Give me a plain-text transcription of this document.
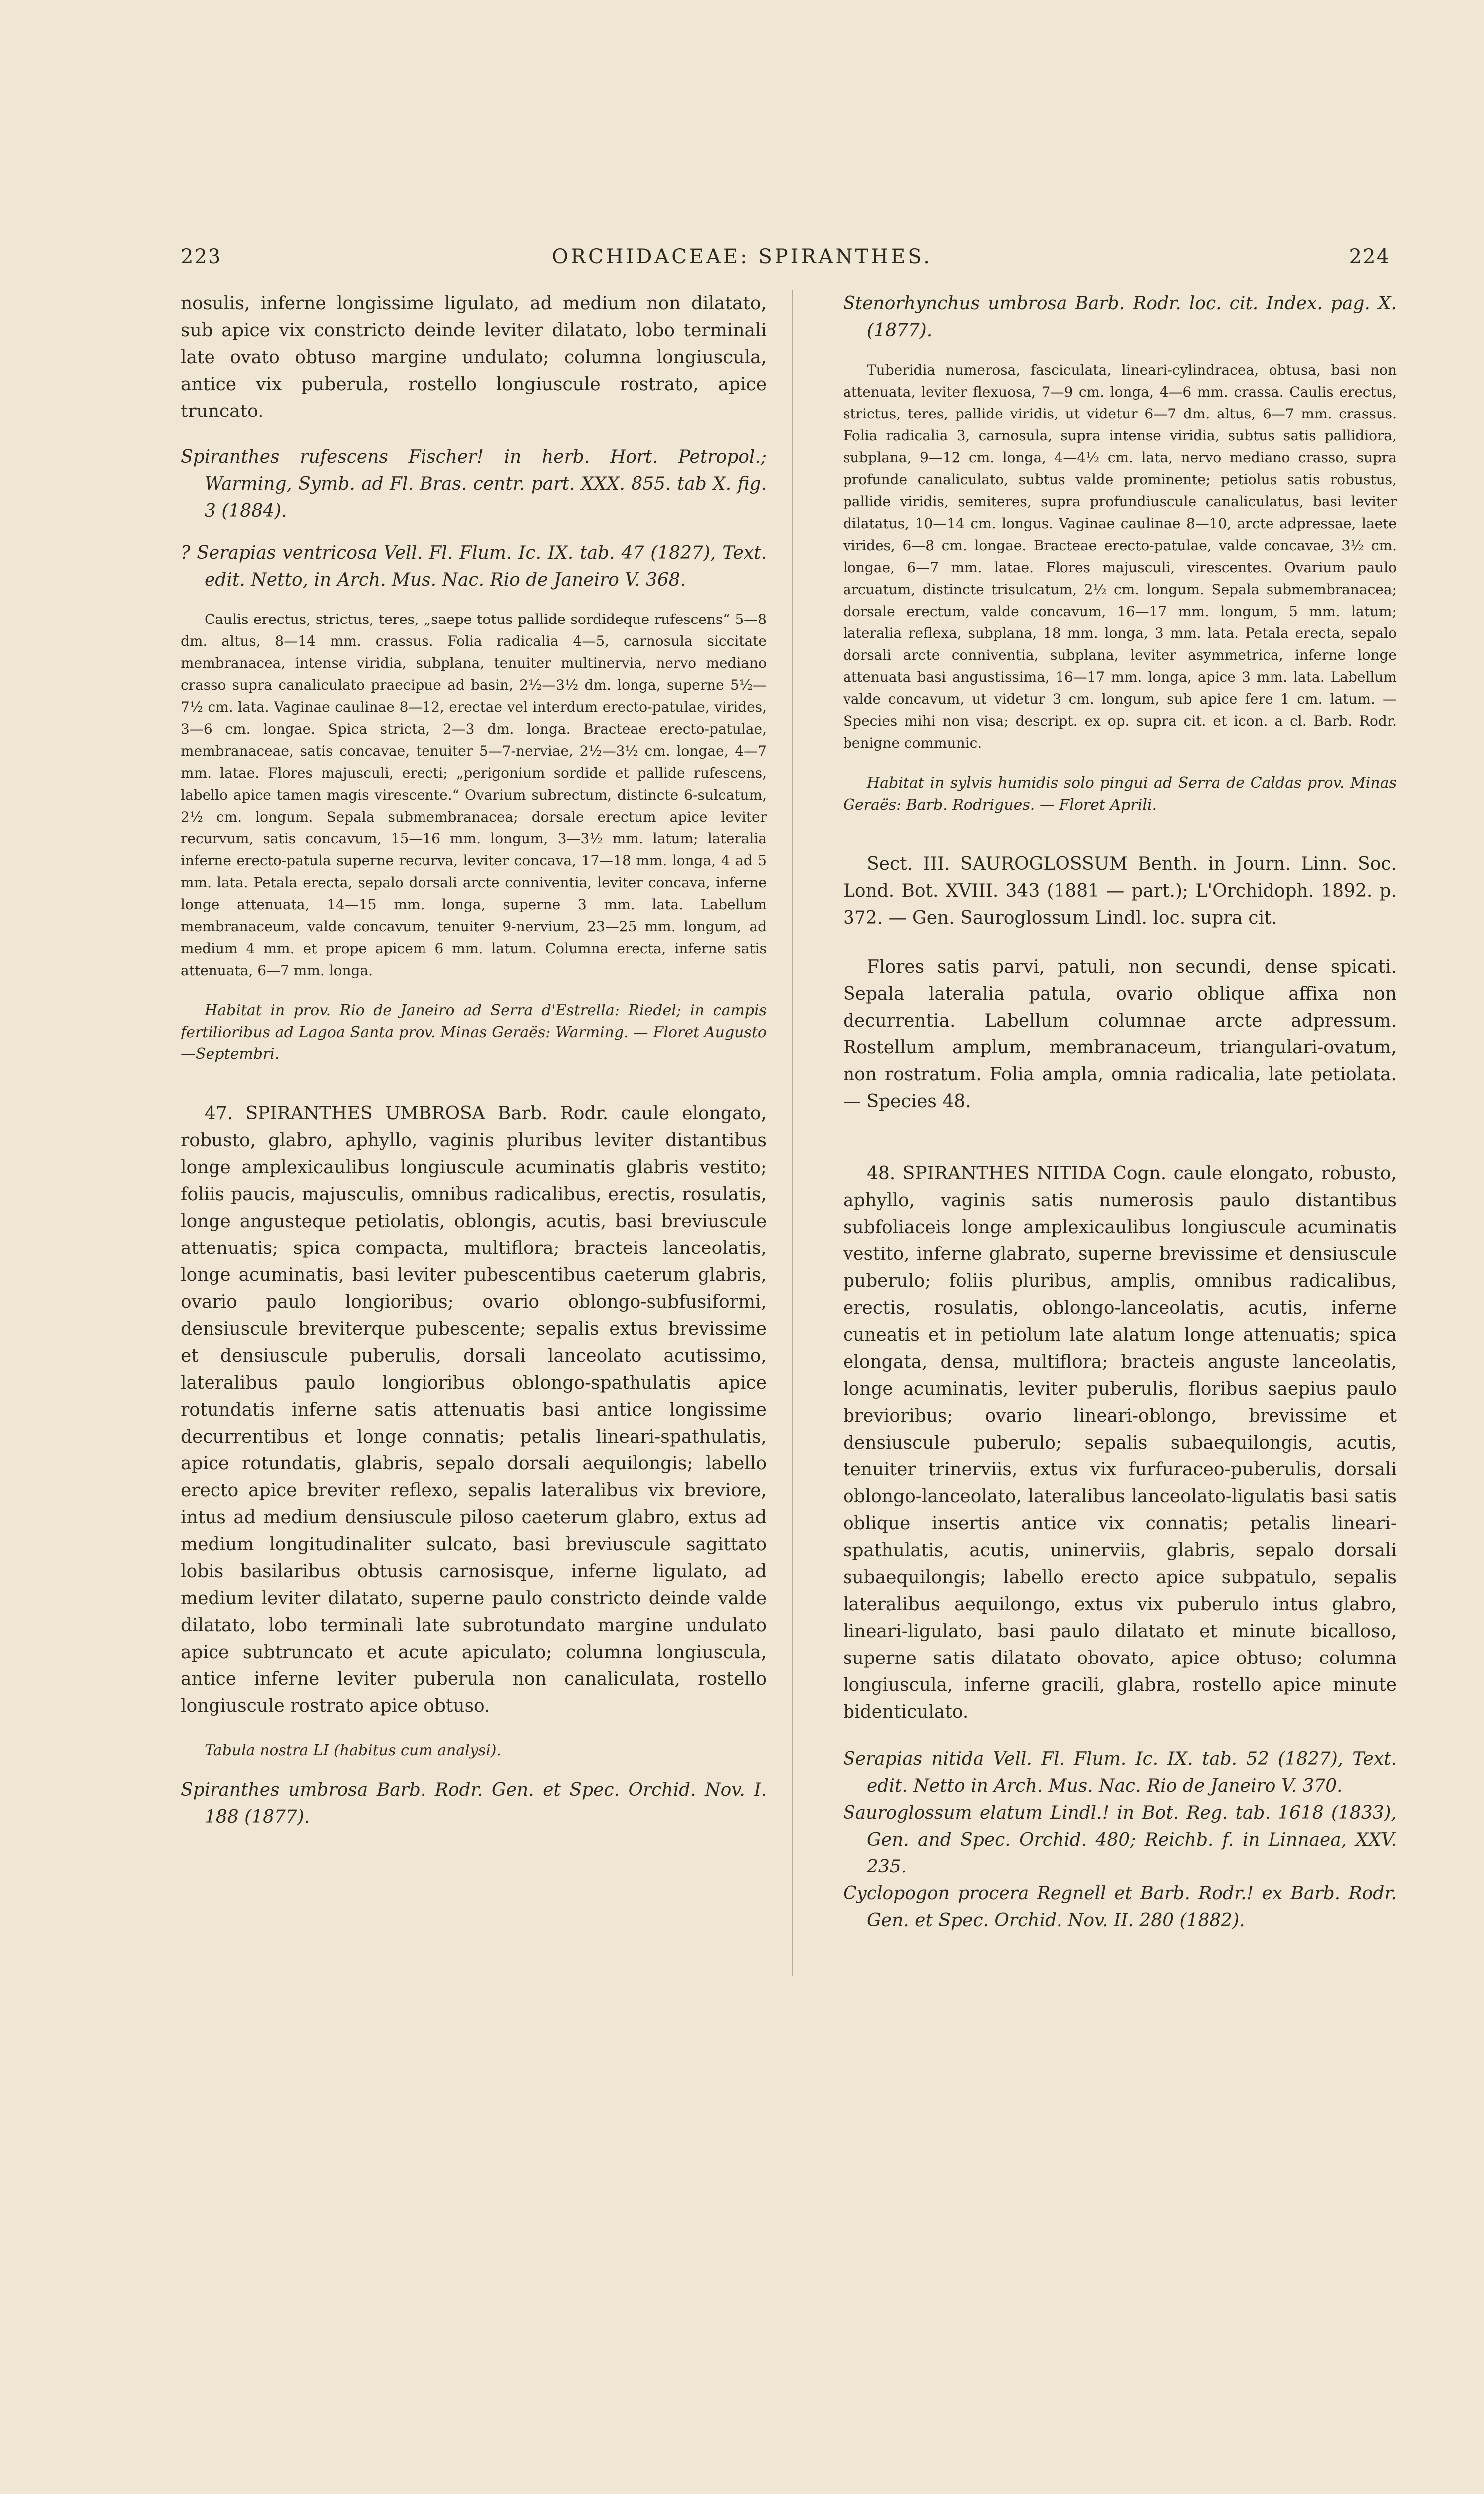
223	ORCHIDACEAE: SPIRANTHES.	224

nosulis, inferne longissime ligulato, ad medium non dilatato, sub apice vix constricto deinde leviter dilatato, lobo terminali late ovato obtuso margine undulato; columna longiuscula, antice vix puberula, rostello longiuscule rostrato, apice truncato.

Spiranthes rufescens Fischer! in herb. Hort. Petropol.; Warming, Symb. ad Fl. Bras. centr. part. XXX. 855. tab X. fig. 3 (1884).

? Serapias ventricosa Vell. Fl. Flum. Ic. IX. tab. 47 (1827), Text. edit. Netto, in Arch. Mus. Nac. Rio de Janeiro V. 368.

Caulis erectus, strictus, teres, „saepe totus pallide sordideque rufescens“ 5—8 dm. altus, 8—14 mm. crassus. Folia radicalia 4—5, carnosula siccitate membranacea, intense viridia, subplana, tenuiter multinervia, nervo mediano crasso supra canaliculato praecipue ad basin, 2½—3½ dm. longa, superne 5½—7½ cm. lata. Vaginae caulinae 8—12, erectae vel interdum erecto-patulae, virides, 3—6 cm. longae. Spica stricta, 2—3 dm. longa. Bracteae erecto-patulae, membranaceae, satis concavae, tenuiter 5—7-nerviae, 2½—3½ cm. longae, 4—7 mm. latae. Flores majusculi, erecti; „perigonium sordide et pallide rufescens, labello apice tamen magis virescente.“ Ovarium subrectum, distincte 6-sulcatum, 2½ cm. longum. Sepala submembranacea; dorsale erectum apice leviter recurvum, satis concavum, 15—16 mm. longum, 3—3½ mm. latum; lateralia inferne erecto-patula superne recurva, leviter concava, 17—18 mm. longa, 4 ad 5 mm. lata. Petala erecta, sepalo dorsali arcte conniventia, leviter concava, inferne longe attenuata, 14—15 mm. longa, superne 3 mm. lata. Labellum membranaceum, valde concavum, tenuiter 9-nervium, 23—25 mm. longum, ad medium 4 mm. et prope apicem 6 mm. latum. Columna erecta, inferne satis attenuata, 6—7 mm. longa.

Habitat in prov. Rio de Janeiro ad Serra d'Estrella: Riedel; in campis fertilioribus ad Lagoa Santa prov. Minas Geraës: Warming. — Floret Augusto—Septembri.

47. SPIRANTHES UMBROSA Barb. Rodr. caule elongato, robusto, glabro, aphyllo, vaginis pluribus leviter distantibus longe amplexicaulibus longiuscule acuminatis glabris vestito; foliis paucis, majusculis, omnibus radicalibus, erectis, rosulatis, longe angusteque petiolatis, oblongis, acutis, basi breviuscule attenuatis; spica compacta, multiflora; bracteis lanceolatis, longe acuminatis, basi leviter pubescentibus caeterum glabris, ovario paulo longioribus; ovario oblongo-subfusiformi, densiuscule breviterque pubescente; sepalis extus brevissime et densiuscule puberulis, dorsali lanceolato acutissimo, lateralibus paulo longioribus oblongo-spathulatis apice rotundatis inferne satis attenuatis basi antice longissime decurrentibus et longe connatis; petalis lineari-spathulatis, apice rotundatis, glabris, sepalo dorsali aequilongis; labello erecto apice breviter reflexo, sepalis lateralibus vix breviore, intus ad medium densiuscule piloso caeterum glabro, extus ad medium longitudinaliter sulcato, basi breviuscule sagittato lobis basilaribus obtusis carnosisque, inferne ligulato, ad medium leviter dilatato, superne paulo constricto deinde valde dilatato, lobo terminali late subrotundato margine undulato apice subtruncato et acute apiculato; columna longiuscula, antice inferne leviter puberula non canaliculata, rostello longiuscule rostrato apice obtuso.

Tabula nostra LI (habitus cum analysi).

Spiranthes umbrosa Barb. Rodr. Gen. et Spec. Orchid. Nov. I. 188 (1877).

Stenorhynchus umbrosa Barb. Rodr. loc. cit. Index. pag. X. (1877).

Tuberidia numerosa, fasciculata, lineari-cylindracea, obtusa, basi non attenuata, leviter flexuosa, 7—9 cm. longa, 4—6 mm. crassa. Caulis erectus, strictus, teres, pallide viridis, ut videtur 6—7 dm. altus, 6—7 mm. crassus. Folia radicalia 3, carnosula, supra intense viridia, subtus satis pallidiora, subplana, 9—12 cm. longa, 4—4½ cm. lata, nervo mediano crasso, supra profunde canaliculato, subtus valde prominente; petiolus satis robustus, pallide viridis, semiteres, supra profundiuscule canaliculatus, basi leviter dilatatus, 10—14 cm. longus. Vaginae caulinae 8—10, arcte adpressae, laete virides, 6—8 cm. longae. Bracteae erecto-patulae, valde concavae, 3½ cm. longae, 6—7 mm. latae. Flores majusculi, virescentes. Ovarium paulo arcuatum, distincte trisulcatum, 2½ cm. longum. Sepala submembranacea; dorsale erectum, valde concavum, 16—17 mm. longum, 5 mm. latum; lateralia reflexa, subplana, 18 mm. longa, 3 mm. lata. Petala erecta, sepalo dorsali arcte conniventia, subplana, leviter asymmetrica, inferne longe attenuata basi angustissima, 16—17 mm. longa, apice 3 mm. lata. Labellum valde concavum, ut videtur 3 cm. longum, sub apice fere 1 cm. latum. — Species mihi non visa; descript. ex op. supra cit. et icon. a cl. Barb. Rodr. benigne communic.

Habitat in sylvis humidis solo pingui ad Serra de Caldas prov. Minas Geraës: Barb. Rodrigues. — Floret Aprili.

Sect. III. SAUROGLOSSUM Benth. in Journ. Linn. Soc. Lond. Bot. XVIII. 343 (1881 — part.); L'Orchidoph. 1892. p. 372. — Gen. Sauroglossum Lindl. loc. supra cit.

Flores satis parvi, patuli, non secundi, dense spicati. Sepala lateralia patula, ovario oblique affixa non decurrentia. Labellum columnae arcte adpressum. Rostellum amplum, membranaceum, triangulari-ovatum, non rostratum. Folia ampla, omnia radicalia, late petiolata. — Species 48.

48. SPIRANTHES NITIDA Cogn. caule elongato, robusto, aphyllo, vaginis satis numerosis paulo distantibus subfoliaceis longe amplexicaulibus longiuscule acuminatis vestito, inferne glabrato, superne brevissime et densiuscule puberulo; foliis pluribus, amplis, omnibus radicalibus, erectis, rosulatis, oblongo-lanceolatis, acutis, inferne cuneatis et in petiolum late alatum longe attenuatis; spica elongata, densa, multiflora; bracteis anguste lanceolatis, longe acuminatis, leviter puberulis, floribus saepius paulo brevioribus; ovario lineari-oblongo, brevissime et densiuscule puberulo; sepalis subaequilongis, acutis, tenuiter trinerviis, extus vix furfuraceo-puberulis, dorsali oblongo-lanceolato, lateralibus lanceolato-ligulatis basi satis oblique insertis antice vix connatis; petalis lineari-spathulatis, acutis, uninerviis, glabris, sepalo dorsali subaequilongis; labello erecto apice subpatulo, sepalis lateralibus aequilongo, extus vix puberulo intus glabro, lineari-ligulato, basi paulo dilatato et minute bicalloso, superne satis dilatato obovato, apice obtuso; columna longiuscula, inferne gracili, glabra, rostello apice minute bidenticulato.

Serapias nitida Vell. Fl. Flum. Ic. IX. tab. 52 (1827), Text. edit. Netto in Arch. Mus. Nac. Rio de Janeiro V. 370.

Sauroglossum elatum Lindl.! in Bot. Reg. tab. 1618 (1833), Gen. and Spec. Orchid. 480; Reichb. f. in Linnaea, XXV. 235.

Cyclopogon procera Regnell et Barb. Rodr.! ex Barb. Rodr. Gen. et Spec. Orchid. Nov. II. 280 (1882).
